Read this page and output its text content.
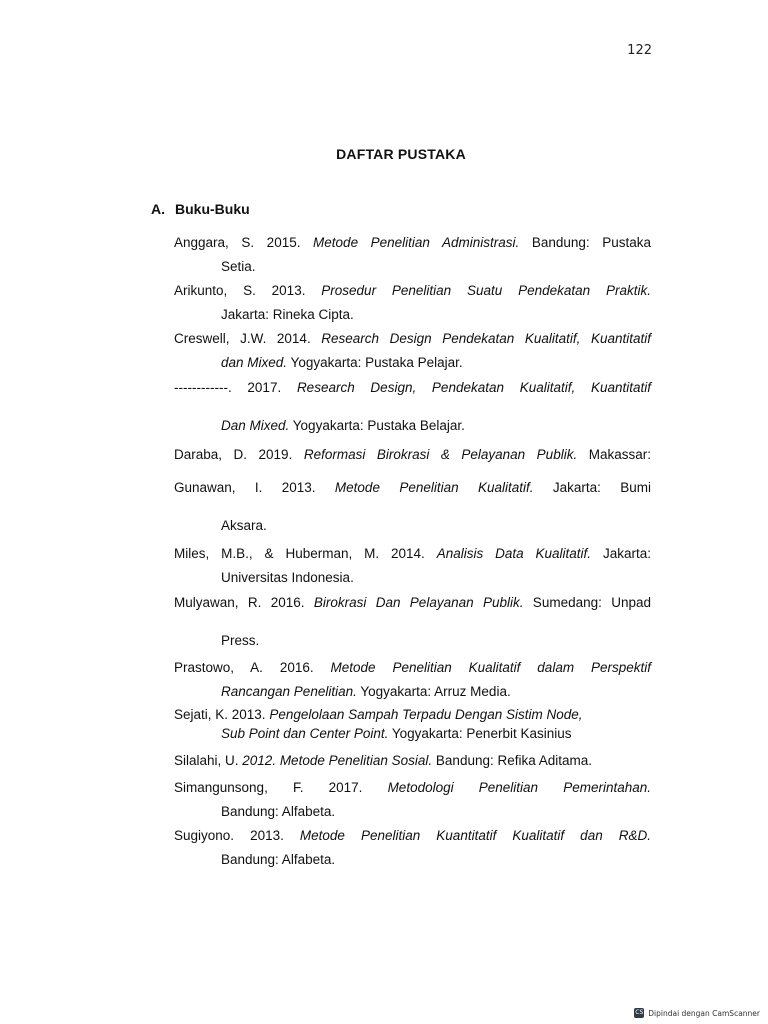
122
DAFTAR PUSTAKA
A. Buku-Buku
Anggara, S. 2015. Metode Penelitian Administrasi. Bandung: Pustaka
Setia.
Arikunto, S. 2013. Prosedur Penelitian Suatu Pendekatan Praktik.
Jakarta: Rineka Cipta.
Creswell, J.W. 2014. Research Design Pendekatan Kualitatif, Kuantitatif
dan Mixed. Yogyakarta: Pustaka Pelajar.
------------. 2017. Research Design, Pendekatan Kualitatif, Kuantitatif
Dan Mixed. Yogyakarta: Pustaka Belajar.
Daraba, D. 2019. Reformasi Birokrasi & Pelayanan Publik. Makassar:
Gunawan, I. 2013. Metode Penelitian Kualitatif. Jakarta: Bumi
Aksara.
Miles, M.B., & Huberman, M. 2014. Analisis Data Kualitatif. Jakarta:
Universitas Indonesia.
Mulyawan, R. 2016. Birokrasi Dan Pelayanan Publik. Sumedang: Unpad
Press.
Prastowo, A. 2016. Metode Penelitian Kualitatif dalam Perspektif
Rancangan Penelitian. Yogyakarta: Arruz Media.
Sejati, K. 2013. Pengelolaan Sampah Terpadu Dengan Sistim Node,
Sub Point dan Center Point. Yogyakarta: Penerbit Kasinius
Silalahi, U. 2012. Metode Penelitian Sosial. Bandung: Refika Aditama.
Simangunsong, F. 2017. Metodologi Penelitian Pemerintahan.
Bandung: Alfabeta.
Sugiyono. 2013. Metode Penelitian Kuantitatif Kualitatif dan R&D.
Bandung: Alfabeta.
CS Dipindai dengan CamScanner
